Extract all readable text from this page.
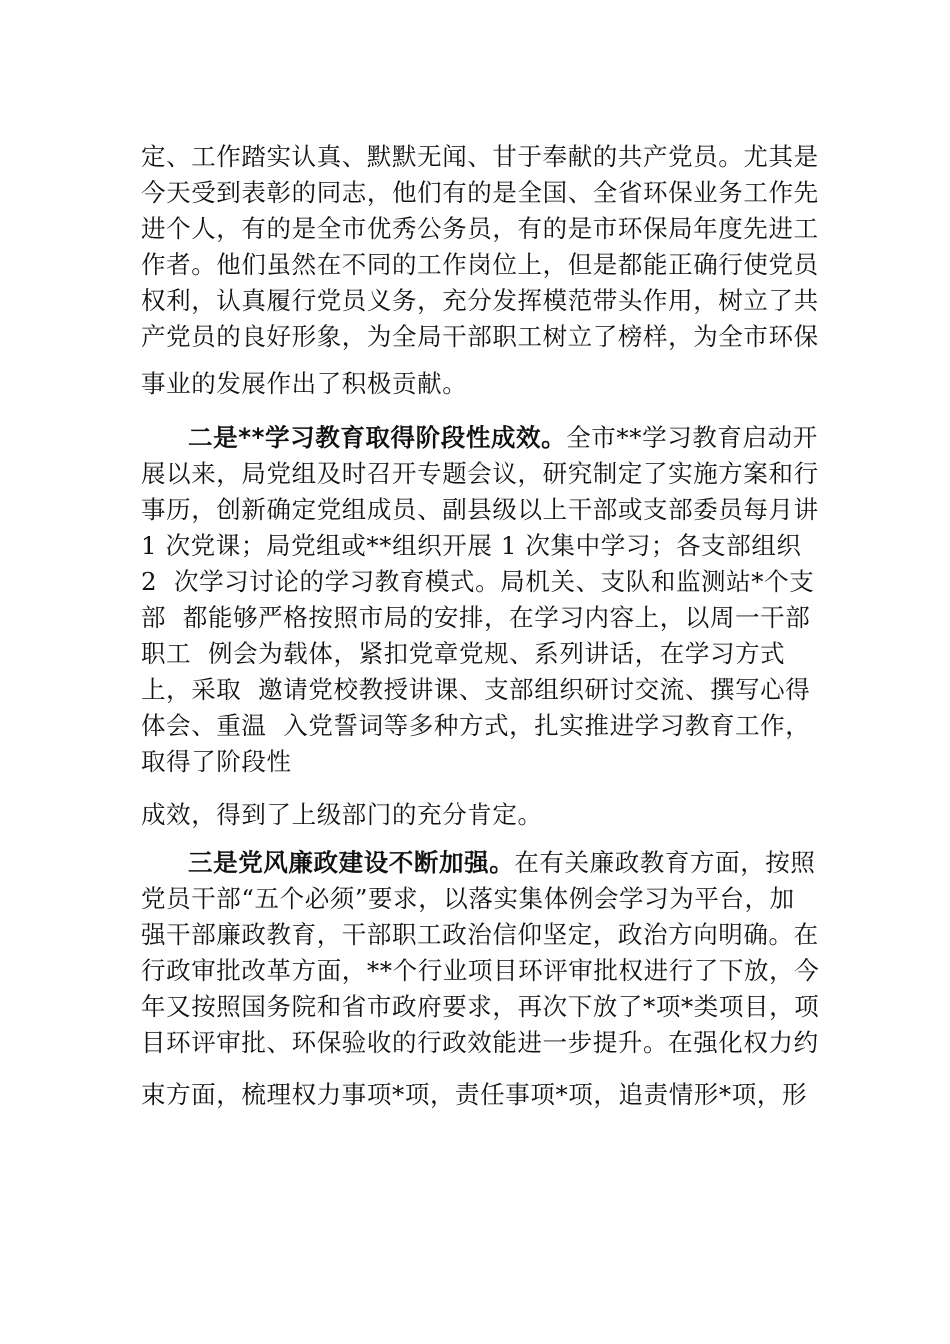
定、工作踏实认真、默默无闻、甘于奉献的共产党员。尤其是
今天受到表彰的同志，他们有的是全国、全省环保业务工作先
进个人，有的是全市优秀公务员，有的是市环保局年度先进工
作者。他们虽然在不同的工作岗位上，但是都能正确行使党员
权利，认真履行党员义务，充分发挥模范带头作用，树立了共
产党员的良好形象，为全局干部职工树立了榜样，为全市环保
事业的发展作出了积极贡献。
二是**学习教育取得阶段性成效。全市**学习教育启动开
展以来，局党组及时召开专题会议，研究制定了实施方案和行
事历，创新确定党组成员、副县级以上干部或支部委员每月讲
1 次党课；局党组或**组织开展 1 次集中学习；各支部组织
2  次学习讨论的学习教育模式。局机关、支队和监测站*个支
部  都能够严格按照市局的安排，在学习内容上，以周一干部
职工  例会为载体，紧扣党章党规、系列讲话，在学习方式
上，采取  邀请党校教授讲课、支部组织研讨交流、撰写心得
体会、重温  入党誓词等多种方式，扎实推进学习教育工作，
取得了阶段性
成效，得到了上级部门的充分肯定。
三是党风廉政建设不断加强。在有关廉政教育方面，按照
党员干部“五个必须”要求，以落实集体例会学习为平台，加
强干部廉政教育，干部职工政治信仰坚定，政治方向明确。在
行政审批改革方面，**个行业项目环评审批权进行了下放，今
年又按照国务院和省市政府要求，再次下放了*项*类项目，项
目环评审批、环保验收的行政效能进一步提升。在强化权力约
束方面，梳理权力事项*项，责任事项*项，追责情形*项，形
